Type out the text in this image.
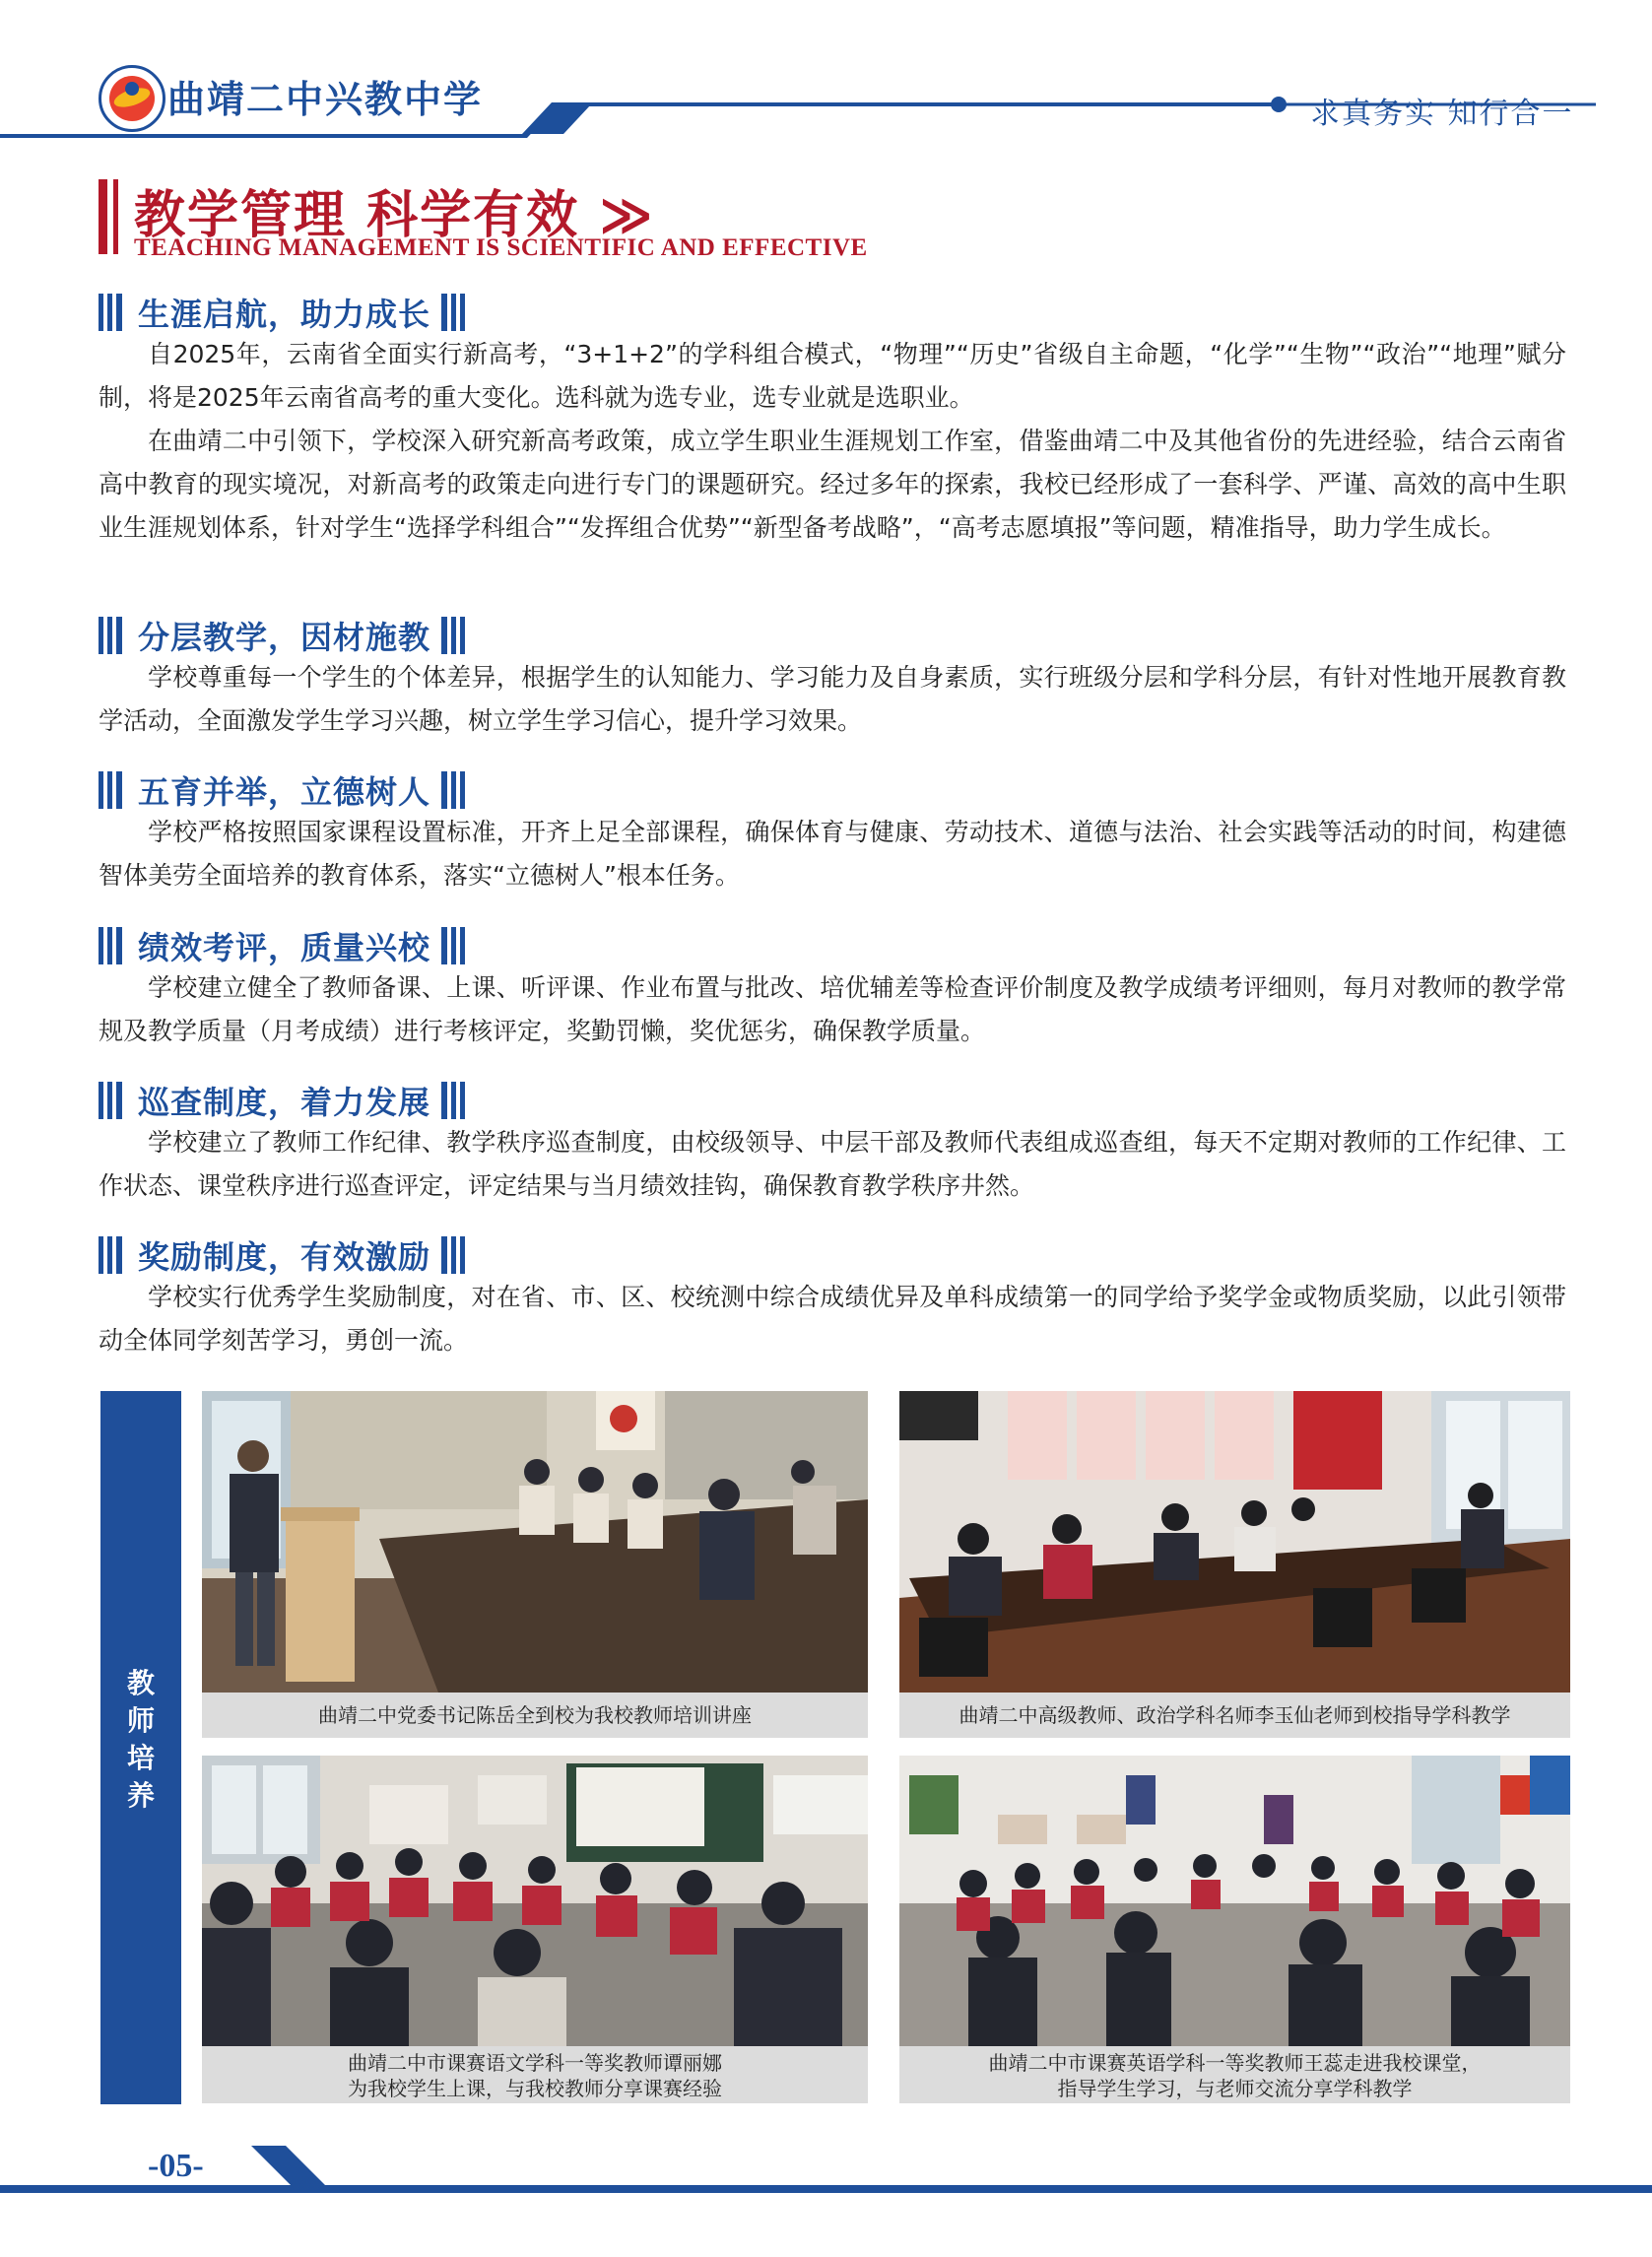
曲靖二中兴教中学	求真务实 知行合一
教学管理 科学有效 ≫
TEACHING MANAGEMENT IS SCIENTIFIC AND EFFECTIVE
生涯启航，助力成长

自2025年，云南省全面实行新高考，“3+1+2”的学科组合模式，“物理”“历史”省级自主命题，“化学”“生物”“政治”“地理”赋分制，将是2025年云南省高考的重大变化。选科就为选专业，选专业就是选职业。

在曲靖二中引领下，学校深入研究新高考政策，成立学生职业生涯规划工作室，借鉴曲靖二中及其他省份的先进经验，结合云南省高中教育的现实境况，对新高考的政策走向进行专门的课题研究。经过多年的探索，我校已经形成了一套科学、严谨、高效的高中生职业生涯规划体系，针对学生“选择学科组合”“发挥组合优势”“新型备考战略”，“高考志愿填报”等问题，精准指导，助力学生成长。

分层教学，因材施教

学校尊重每一个学生的个体差异，根据学生的认知能力、学习能力及自身素质，实行班级分层和学科分层，有针对性地开展教育教学活动，全面激发学生学习兴趣，树立学生学习信心，提升学习效果。

五育并举，立德树人

学校严格按照国家课程设置标准，开齐上足全部课程，确保体育与健康、劳动技术、道德与法治、社会实践等活动的时间，构建德智体美劳全面培养的教育体系，落实“立德树人”根本任务。

绩效考评，质量兴校

学校建立健全了教师备课、上课、听评课、作业布置与批改、培优辅差等检查评价制度及教学成绩考评细则，每月对教师的教学常规及教学质量（月考成绩）进行考核评定，奖勤罚懒，奖优惩劣，确保教学质量。

巡查制度，着力发展

学校建立了教师工作纪律、教学秩序巡查制度，由校级领导、中层干部及教师代表组成巡查组，每天不定期对教师的工作纪律、工作状态、课堂秩序进行巡查评定，评定结果与当月绩效挂钩，确保教育教学秩序井然。

奖励制度，有效激励

学校实行优秀学生奖励制度，对在省、市、区、校统测中综合成绩优异及单科成绩第一的同学给予奖学金或物质奖励，以此引领带动全体同学刻苦学习，勇创一流。

教
师
培
养
曲靖二中党委书记陈岳全到校为我校教师培训讲座	曲靖二中高级教师、政治学科名师李玉仙老师到校指导学科教学
曲靖二中市课赛语文学科一等奖教师谭丽娜
为我校学生上课，与我校教师分享课赛经验
曲靖二中市课赛英语学科一等奖教师王蕊走进我校课堂，
指导学生学习，与老师交流分享学科教学
-05-
